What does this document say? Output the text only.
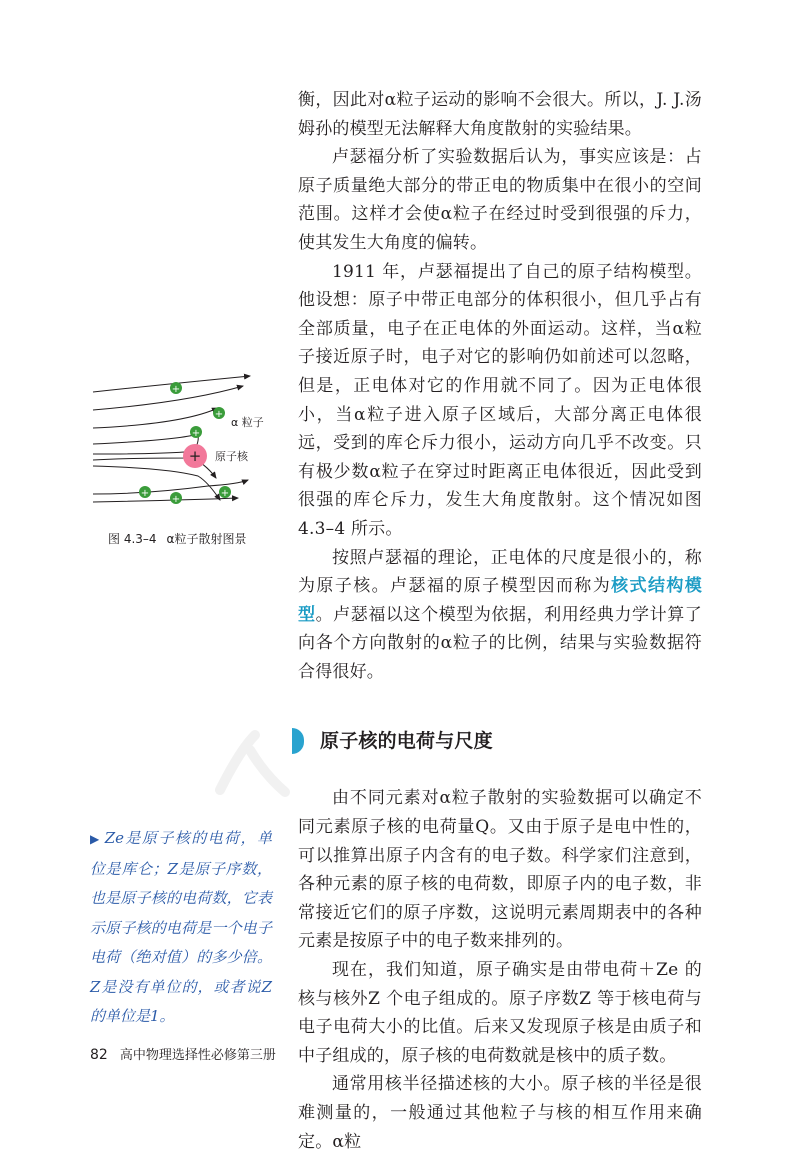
衡，因此对α粒子运动的影响不会很大。所以，J. J.汤姆孙的模型无法解释大角度散射的实验结果。

卢瑟福分析了实验数据后认为，事实应该是：占原子质量绝大部分的带正电的物质集中在很小的空间范围。这样才会使α粒子在经过时受到很强的斥力，使其发生大角度的偏转。

1911 年，卢瑟福提出了自己的原子结构模型。他设想：原子中带正电部分的体积很小，但几乎占有全部质量，电子在正电体的外面运动。这样，当α粒子接近原子时，电子对它的影响仍如前述可以忽略，但是，正电体对它的作用就不同了。因为正电体很小，当α粒子进入原子区域后，大部分离正电体很远，受到的库仑斥力很小，运动方向几乎不改变。只有极少数α粒子在穿过时距离正电体很近，因此受到很强的库仑斥力，发生大角度散射。这个情况如图 4.3–4 所示。

按照卢瑟福的理论，正电体的尺度是很小的，称为原子核。卢瑟福的原子模型因而称为核式结构模型。卢瑟福以这个模型为依据，利用经典力学计算了向各个方向散射的α粒子的比例，结果与实验数据符合得很好。

原子核的电荷与尺度

由不同元素对α粒子散射的实验数据可以确定不同元素原子核的电荷量Q。又由于原子是电中性的，可以推算出原子内含有的电子数。科学家们注意到，各种元素的原子核的电荷数，即原子内的电子数，非常接近它们的原子序数，这说明元素周期表中的各种元素是按原子中的电子数来排列的。

现在，我们知道，原子确实是由带电荷＋Ze 的核与核外Z 个电子组成的。原子序数Z 等于核电荷与电子电荷大小的比值。后来又发现原子核是由质子和中子组成的，原子核的电荷数就是核中的质子数。

通常用核半径描述核的大小。原子核的半径是很难测量的，一般通过其他粒子与核的相互作用来确定。α粒

+
+
+
+
+
+
+
α 粒子
原子核
图 4.3–4 α粒子散射图景
▶ Ze是原子核的电荷，单位是库仑；Z是原子序数，也是原子核的电荷数，它表示原子核的电荷是一个电子电荷（绝对值）的多少倍。Z是没有单位的，或者说Z的单位是1。
82 高中物理选择性必修第三册
